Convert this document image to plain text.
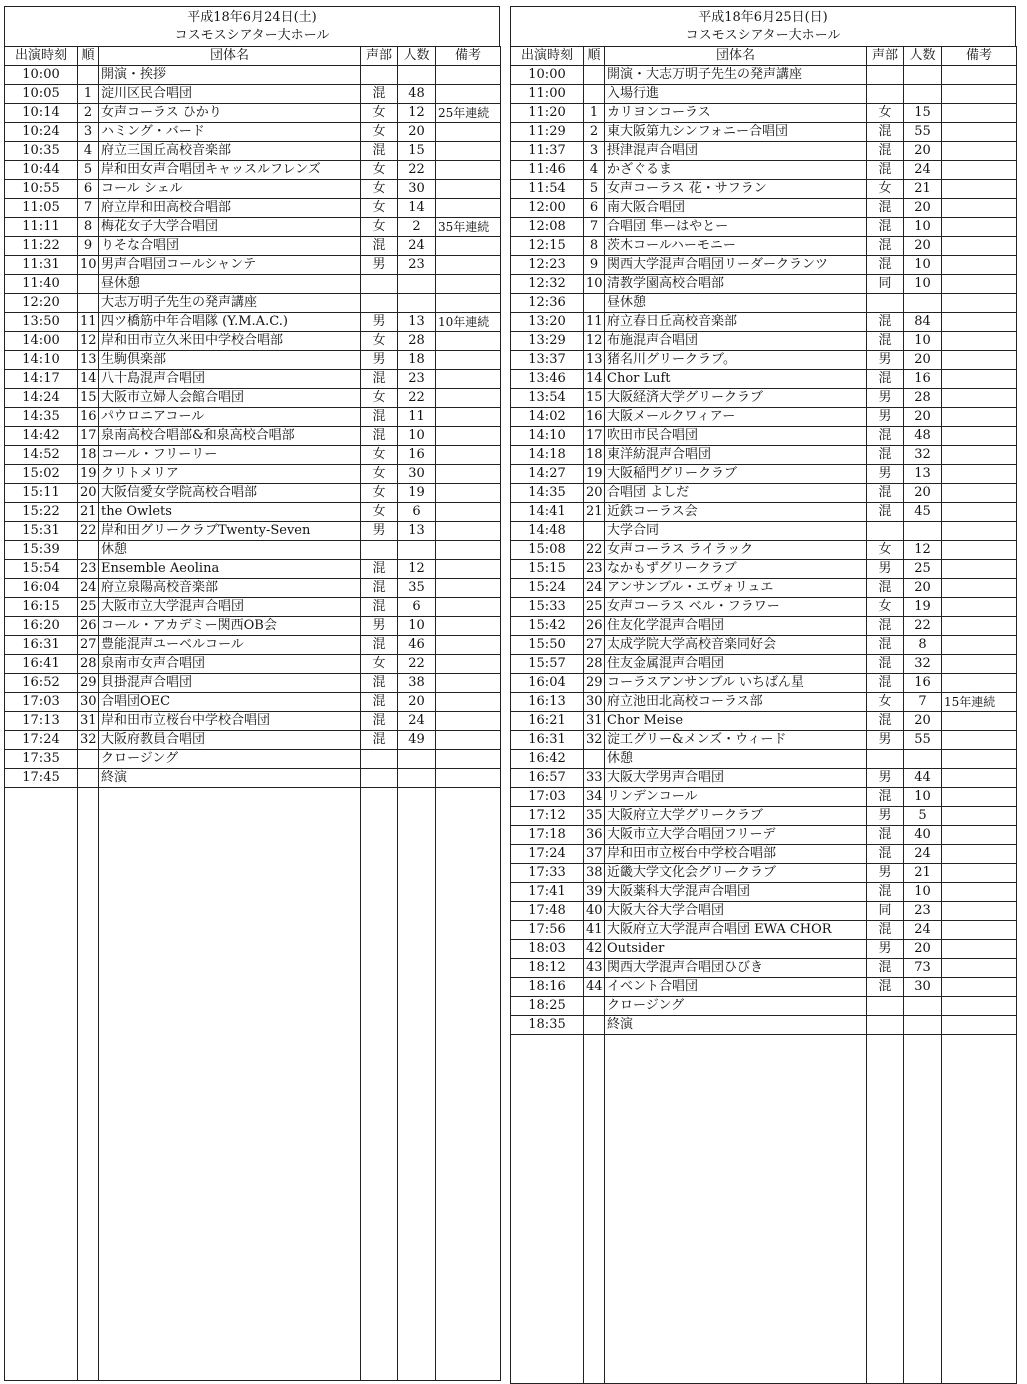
平成18年6月24日(土)
コスモスシアター大ホール
出演時刻	順	団体名	声部	人数	備考
10:00		開演・挨拶			
10:05	1	淀川区民合唱団	混	48	
10:14	2	女声コーラス ひかり	女	12	25年連続
10:24	3	ハミング・バード	女	20	
10:35	4	府立三国丘高校音楽部	混	15	
10:44	5	岸和田女声合唱団キャッスルフレンズ	女	22	
10:55	6	コール シェル	女	30	
11:05	7	府立岸和田高校合唱部	女	14	
11:11	8	梅花女子大学合唱団	女	2	35年連続
11:22	9	りそな合唱団	混	24	
11:31	10	男声合唱団コールシャンテ	男	23	
11:40		昼休憩			
12:20		大志万明子先生の発声講座			
13:50	11	四ツ橋筋中年合唱隊 (Y.M.A.C.)	男	13	10年連続
14:00	12	岸和田市立久米田中学校合唱部	女	28	
14:10	13	生駒倶楽部	男	18	
14:17	14	八十島混声合唱団	混	23	
14:24	15	大阪市立婦人会館合唱団	女	22	
14:35	16	パウロニアコール	混	11	
14:42	17	泉南高校合唱部&和泉高校合唱部	混	10	
14:52	18	コール・フリーリー	女	16	
15:02	19	クリトメリア	女	30	
15:11	20	大阪信愛女学院高校合唱部	女	19	
15:22	21	the Owlets	女	6	
15:31	22	岸和田グリークラブTwenty-Seven	男	13	
15:39		休憩			
15:54	23	Ensemble Aeolina	混	12	
16:04	24	府立泉陽高校音楽部	混	35	
16:15	25	大阪市立大学混声合唱団	混	6	
16:20	26	コール・アカデミー関西OB会	男	10	
16:31	27	豊能混声ユーベルコール	混	46	
16:41	28	泉南市女声合唱団	女	22	
16:52	29	貝掛混声合唱団	混	38	
17:03	30	合唱団OEC	混	20	
17:13	31	岸和田市立桜台中学校合唱団	混	24	
17:24	32	大阪府教員合唱団	混	49	
17:35		クロージング			
17:45		終演			

平成18年6月25日(日)
コスモスシアター大ホール
出演時刻	順	団体名	声部	人数	備考
10:00		開演・大志万明子先生の発声講座			
11:00		入場行進			
11:20	1	カリヨンコーラス	女	15	
11:29	2	東大阪第九シンフォニー合唱団	混	55	
11:37	3	摂津混声合唱団	混	20	
11:46	4	かざぐるま	混	24	
11:54	5	女声コーラス 花・サフラン	女	21	
12:00	6	南大阪合唱団	混	20	
12:08	7	合唱団 隼ーはやとー	混	10	
12:15	8	茨木コールハーモニー	混	20	
12:23	9	関西大学混声合唱団リーダークランツ	混	10	
12:32	10	清教学園高校合唱部	同	10	
12:36		昼休憩			
13:20	11	府立春日丘高校音楽部	混	84	
13:29	12	布施混声合唱団	混	10	
13:37	13	猪名川グリークラブ。	男	20	
13:46	14	Chor Luft	混	16	
13:54	15	大阪経済大学グリークラブ	男	28	
14:02	16	大阪メールクワィアー	男	20	
14:10	17	吹田市民合唱団	混	48	
14:18	18	東洋紡混声合唱団	混	32	
14:27	19	大阪稲門グリークラブ	男	13	
14:35	20	合唱団 よしだ	混	20	
14:41	21	近鉄コーラス会	混	45	
14:48		大学合同			
15:08	22	女声コーラス ライラック	女	12	
15:15	23	なかもずグリークラブ	男	25	
15:24	24	アンサンブル・エヴォリュエ	混	20	
15:33	25	女声コーラス ベル・フラワー	女	19	
15:42	26	住友化学混声合唱団	混	22	
15:50	27	太成学院大学高校音楽同好会	混	8	
15:57	28	住友金属混声合唱団	混	32	
16:04	29	コーラスアンサンブル いちばん星	混	16	
16:13	30	府立池田北高校コーラス部	女	7	15年連続
16:21	31	Chor Meise	混	20	
16:31	32	淀工グリー&メンズ・ウィード	男	55	
16:42		休憩			
16:57	33	大阪大学男声合唱団	男	44	
17:03	34	リンデンコール	混	10	
17:12	35	大阪府立大学グリークラブ	男	5	
17:18	36	大阪市立大学合唱団フリーデ	混	40	
17:24	37	岸和田市立桜台中学校合唱部	混	24	
17:33	38	近畿大学文化会グリークラブ	男	21	
17:41	39	大阪薬科大学混声合唱団	混	10	
17:48	40	大阪大谷大学合唱団	同	23	
17:56	41	大阪府立大学混声合唱団 EWA CHOR	混	24	
18:03	42	Outsider	男	20	
18:12	43	関西大学混声合唱団ひびき	混	73	
18:16	44	イベント合唱団	混	30	
18:25		クロージング			
18:35		終演			
